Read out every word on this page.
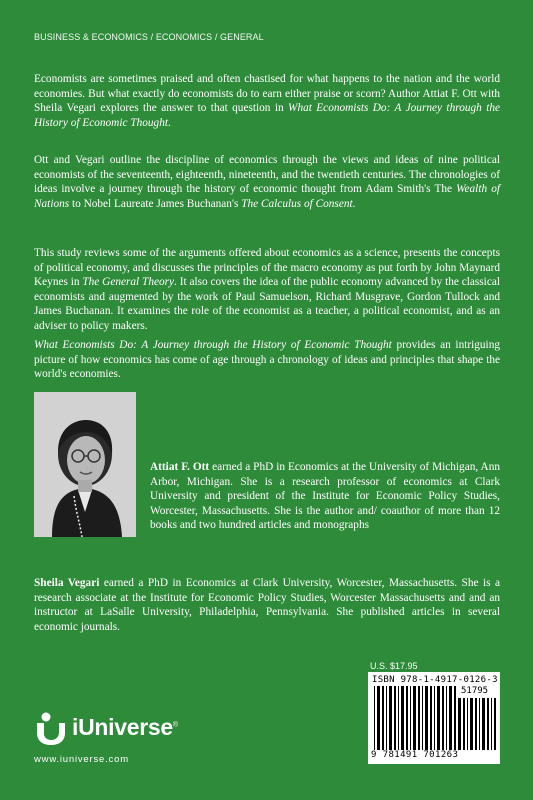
BUSINESS & ECONOMICS / ECONOMICS / GENERAL

Economists are sometimes praised and often chastised for what happens to the nation and the world economies. But what exactly do economists do to earn either praise or scorn? Author Attiat F. Ott with Sheila Vegari explores the answer to that question in What Economists Do: A Journey through the History of Economic Thought.

Ott and Vegari outline the discipline of economics through the views and ideas of nine political economists of the seventeenth, eighteenth, nineteenth, and the twentieth centuries. The chronologies of ideas involve a journey through the history of economic thought from Adam Smith's The Wealth of Nations to Nobel Laureate James Buchanan's The Calculus of Consent.

This study reviews some of the arguments offered about economics as a science, presents the concepts of political economy, and discusses the principles of the macro economy as put forth by John Maynard Keynes in The General Theory. It also covers the idea of the public economy advanced by the classical economists and augmented by the work of Paul Samuelson, Richard Musgrave, Gordon Tullock and James Buchanan. It examines the role of the economist as a teacher, a political economist, and as an adviser to policy makers.

What Economists Do: A Journey through the History of Economic Thought provides an intriguing picture of how economics has come of age through a chronology of ideas and principles that shape the world's economies.

Attiat F. Ott earned a PhD in Economics at the University of Michigan, Ann Arbor, Michigan. She is a research professor of economics at Clark University and president of the Institute for Economic Policy Studies, Worcester, Massachusetts. She is the author and/ coauthor of more than 12 books and two hundred articles and monographs

Sheila Vegari earned a PhD in Economics at Clark University, Worcester, Massachusetts. She is a research associate at the Institute for Economic Policy Studies, Worcester Massachusetts and and an instructor at LaSalle University, Philadelphia, Pennsylvania. She published articles in several economic journals.

U.S. $17.95
ISBN 978-1-4917-0126-3
51795
9 781491 701263
iUniverse®
www.iuniverse.com
